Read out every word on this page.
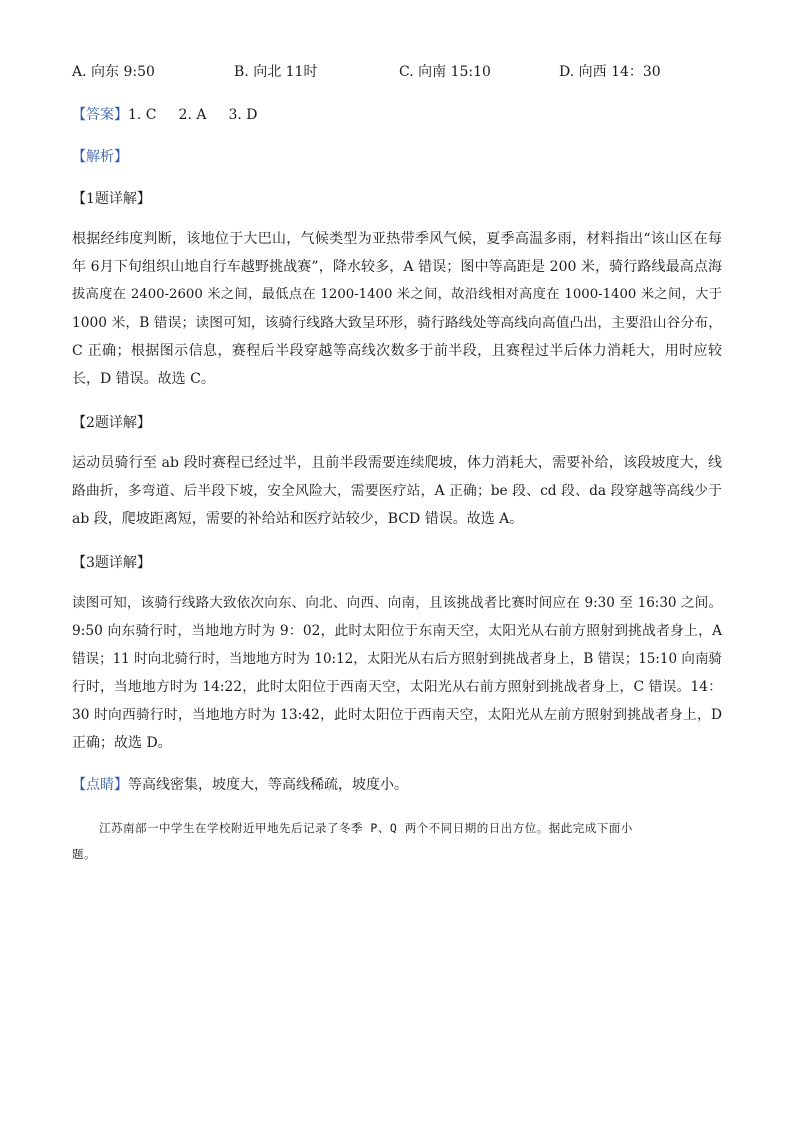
A. 向东 9:50	B. 向北 11时	C. 向南 15:10	D. 向西 14：30
【答案】1. C 2. A 3. D
【解析】
【1题详解】
根据经纬度判断，该地位于大巴山，气候类型为亚热带季风气候，夏季高温多雨，材料指出“该山区在每
年 6月下旬组织山地自行车越野挑战赛”，降水较多，A 错误；图中等高距是 200 米，骑行路线最高点海
拔高度在 2400-2600 米之间，最低点在 1200-1400 米之间，故沿线相对高度在 1000-1400 米之间，大于
1000 米，B 错误；读图可知，该骑行线路大致呈环形，骑行路线处等高线向高值凸出，主要沿山谷分布，
C 正确；根据图示信息，赛程后半段穿越等高线次数多于前半段，且赛程过半后体力消耗大，用时应较
长，D 错误。故选 C。
【2题详解】
运动员骑行至 ab 段时赛程已经过半，且前半段需要连续爬坡，体力消耗大，需要补给，该段坡度大，线
路曲折，多弯道、后半段下坡，安全风险大，需要医疗站，A 正确；be 段、cd 段、da 段穿越等高线少于
ab 段，爬坡距离短，需要的补给站和医疗站较少，BCD 错误。故选 A。
【3题详解】
读图可知，该骑行线路大致依次向东、向北、向西、向南，且该挑战者比赛时间应在 9:30 至 16:30 之间。
9:50 向东骑行时，当地地方时为 9：02，此时太阳位于东南天空，太阳光从右前方照射到挑战者身上，A
错误；11 时向北骑行时，当地地方时为 10:12，太阳光从右后方照射到挑战者身上，B 错误；15:10 向南骑
行时，当地地方时为 14:22，此时太阳位于西南天空，太阳光从右前方照射到挑战者身上，C 错误。14：
30 时向西骑行时，当地地方时为 13:42，此时太阳位于西南天空，太阳光从左前方照射到挑战者身上，D
正确；故选 D。
【点睛】等高线密集，坡度大，等高线稀疏，坡度小。
江苏南部一中学生在学校附近甲地先后记录了冬季 P、Q 两个不同日期的日出方位。据此完成下面小
题。
